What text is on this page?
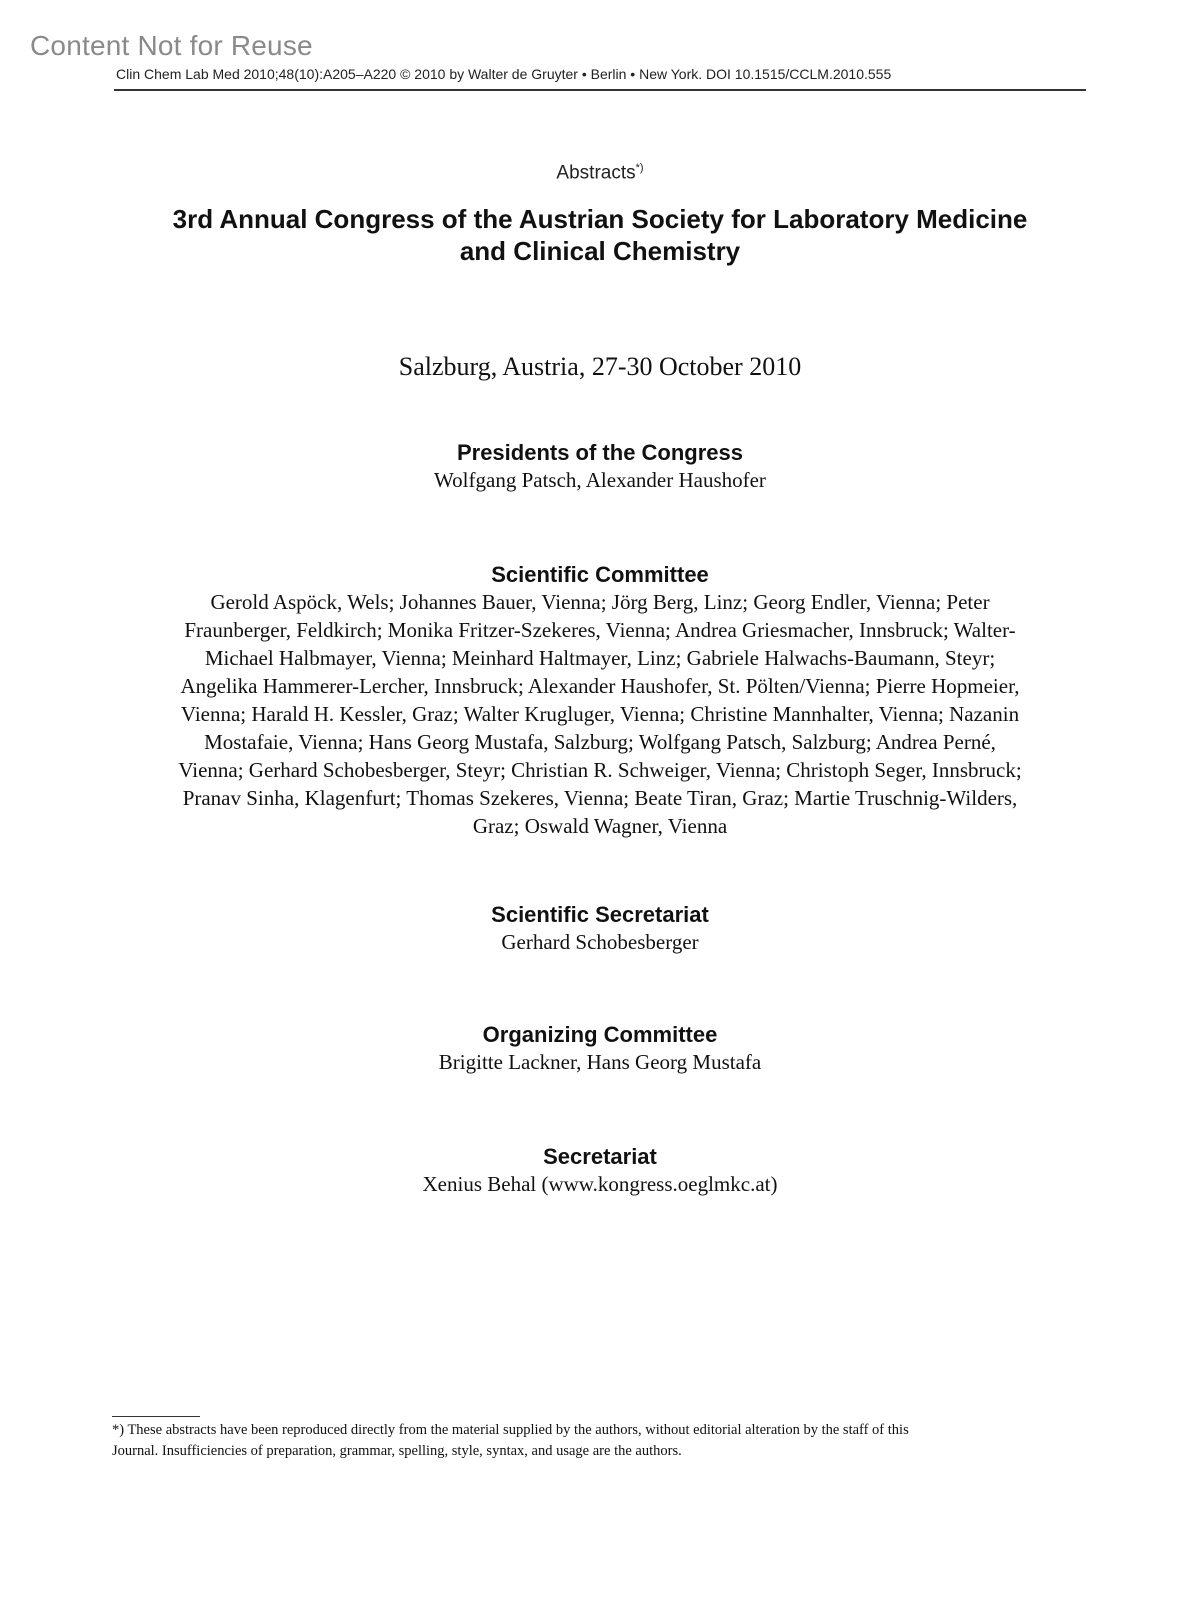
Content Not for Reuse
Clin Chem Lab Med 2010;48(10):A205–A220 © 2010 by Walter de Gruyter • Berlin • New York. DOI 10.1515/CCLM.2010.555
Abstracts*)
3rd Annual Congress of the Austrian Society for Laboratory Medicine
and Clinical Chemistry
Salzburg, Austria, 27-30 October 2010
Presidents of the Congress

Wolfgang Patsch, Alexander Haushofer

Scientific Committee

Gerold Aspöck, Wels; Johannes Bauer, Vienna; Jörg Berg, Linz; Georg Endler, Vienna; Peter
Fraunberger, Feldkirch; Monika Fritzer-Szekeres, Vienna; Andrea Griesmacher, Innsbruck; Walter-
Michael Halbmayer, Vienna; Meinhard Haltmayer, Linz; Gabriele Halwachs-Baumann, Steyr;
Angelika Hammerer-Lercher, Innsbruck; Alexander Haushofer, St. Pölten/Vienna; Pierre Hopmeier,
Vienna; Harald H. Kessler, Graz; Walter Krugluger, Vienna; Christine Mannhalter, Vienna; Nazanin
Mostafaie, Vienna; Hans Georg Mustafa, Salzburg; Wolfgang Patsch, Salzburg; Andrea Perné,
Vienna; Gerhard Schobesberger, Steyr; Christian R. Schweiger, Vienna; Christoph Seger, Innsbruck;
Pranav Sinha, Klagenfurt; Thomas Szekeres, Vienna; Beate Tiran, Graz; Martie Truschnig-Wilders,
Graz; Oswald Wagner, Vienna

Scientific Secretariat

Gerhard Schobesberger

Organizing Committee

Brigitte Lackner, Hans Georg Mustafa

Secretariat

Xenius Behal (www.kongress.oeglmkc.at)

*) These abstracts have been reproduced directly from the material supplied by the authors, without editorial alteration by the staff of this
Journal. Insufficiencies of preparation, grammar, spelling, style, syntax, and usage are the authors.
